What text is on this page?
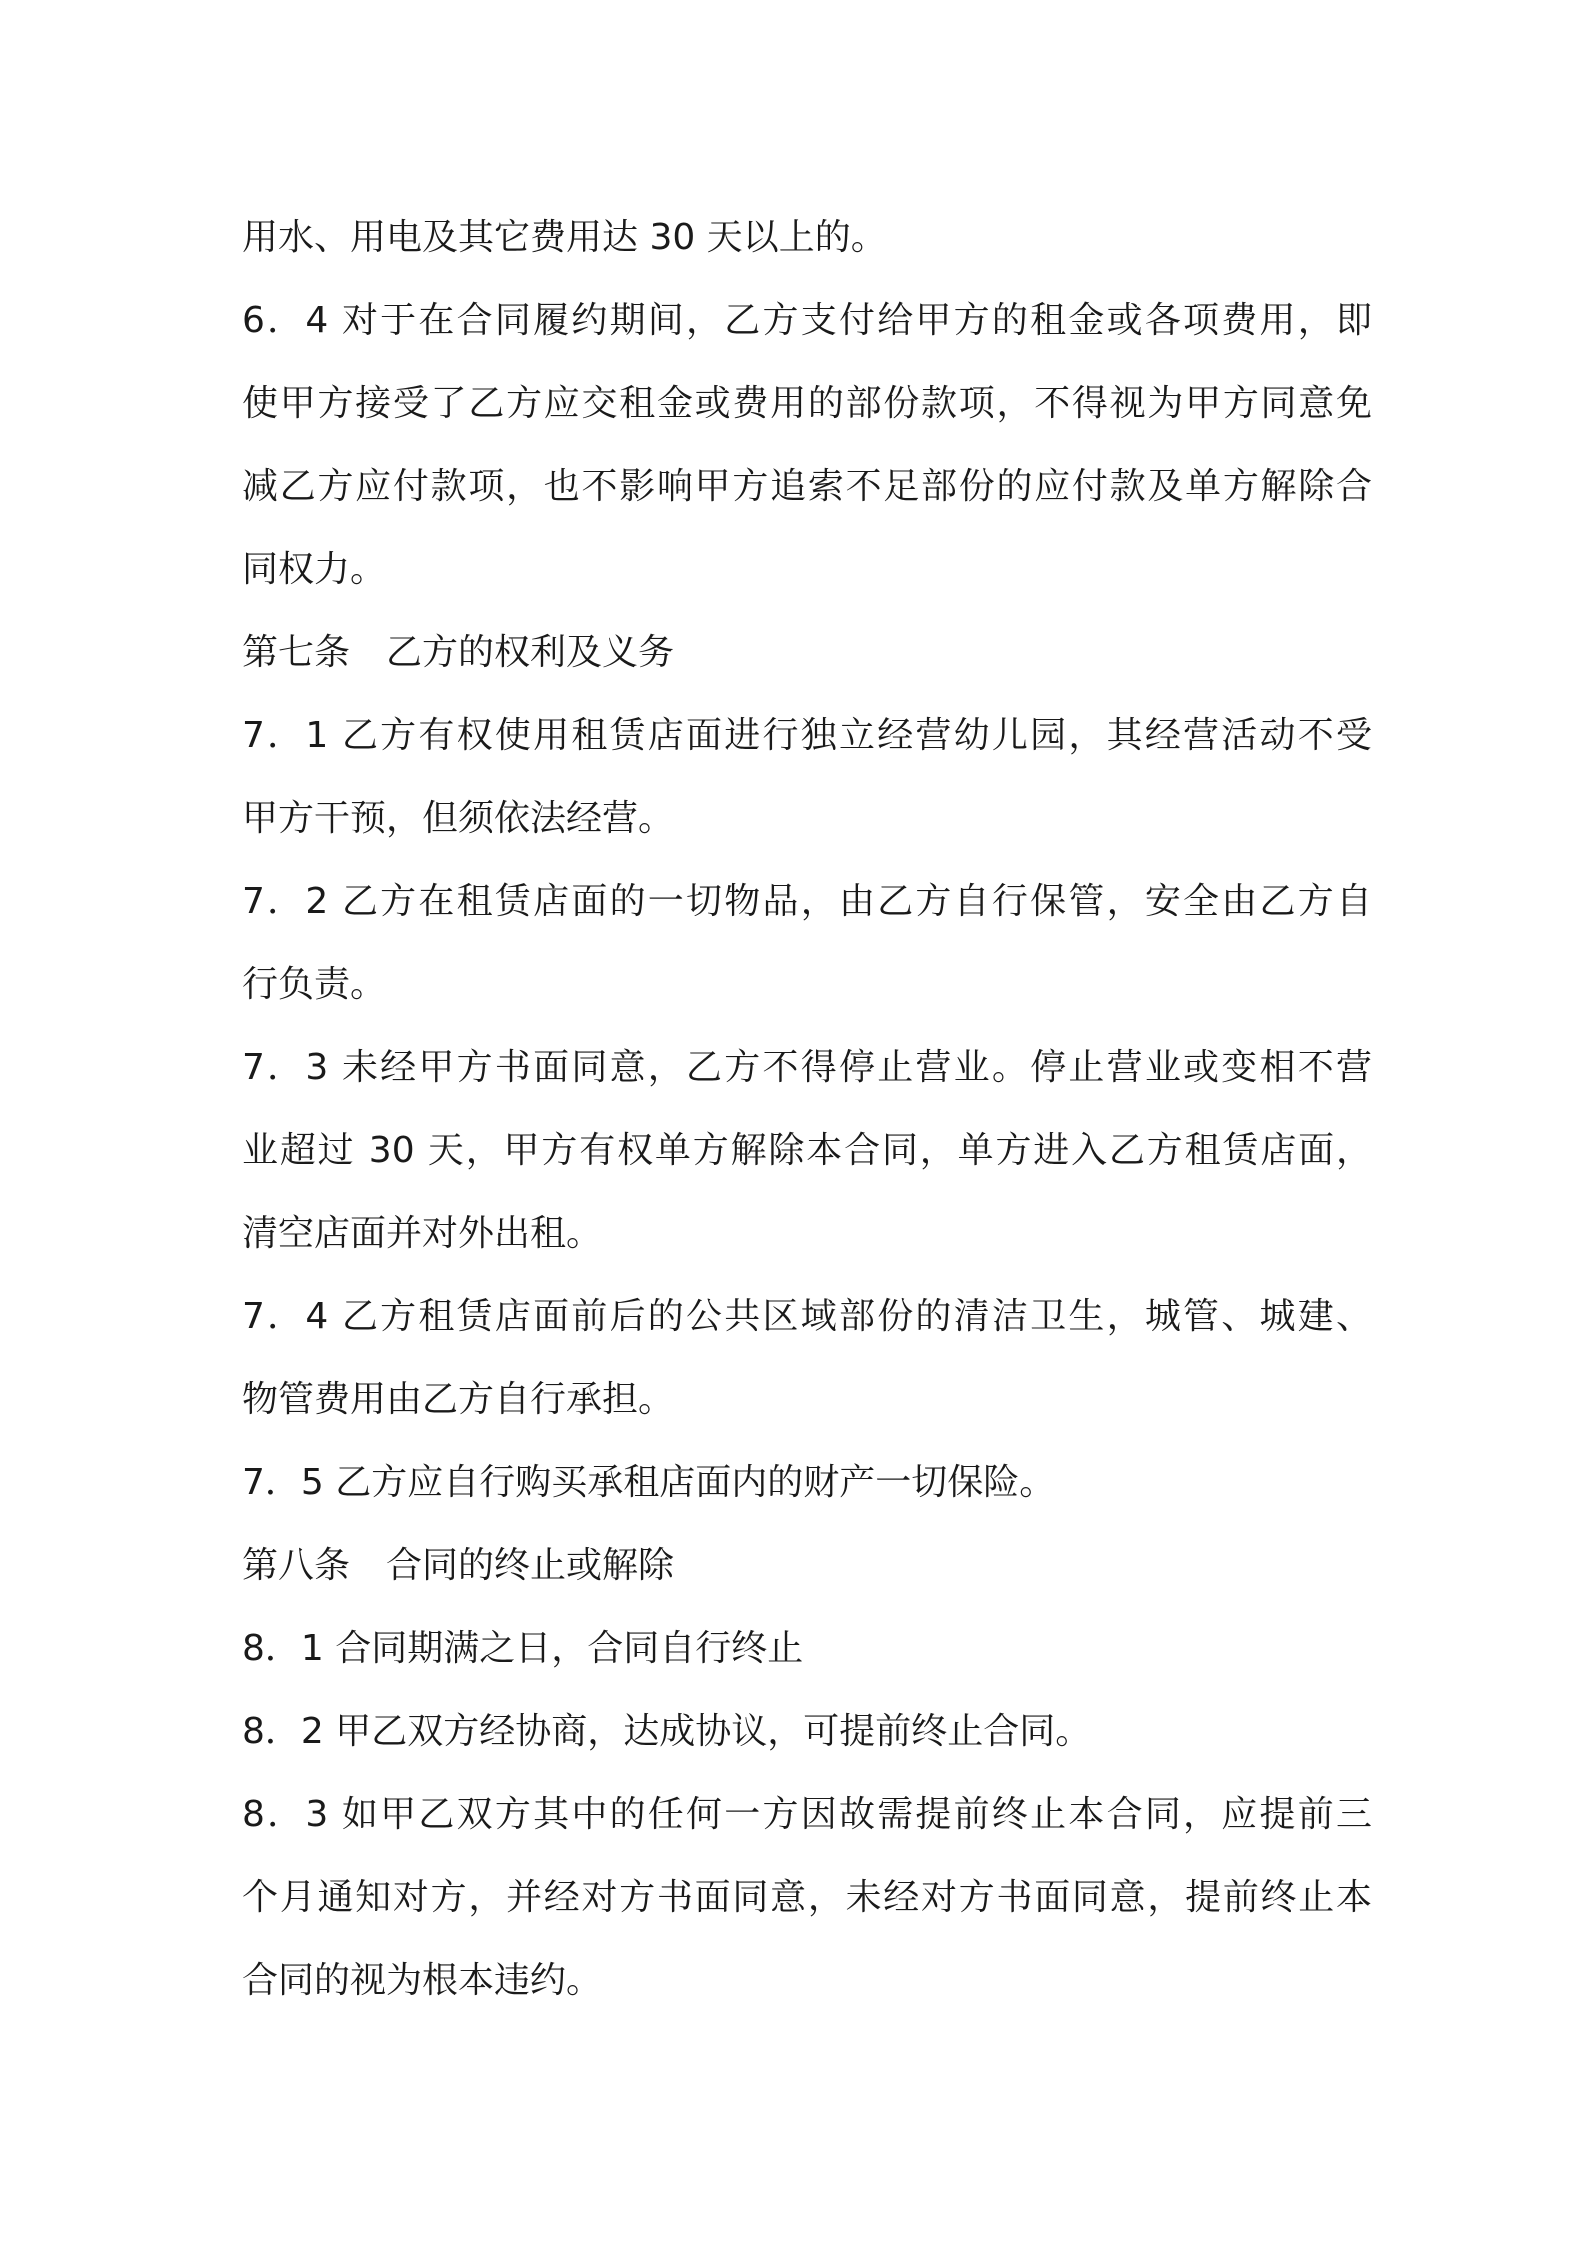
用水、用电及其它费用达 30 天以上的。
6．4 对于在合同履约期间，乙方支付给甲方的租金或各项费用，即
使甲方接受了乙方应交租金或费用的部份款项，不得视为甲方同意免
减乙方应付款项，也不影响甲方追索不足部份的应付款及单方解除合
同权力。
第七条　乙方的权利及义务
7．1 乙方有权使用租赁店面进行独立经营幼儿园，其经营活动不受
甲方干预，但须依法经营。
7．2 乙方在租赁店面的一切物品，由乙方自行保管，安全由乙方自
行负责。
7．3 未经甲方书面同意，乙方不得停止营业。停止营业或变相不营
业超过 30 天，甲方有权单方解除本合同，单方进入乙方租赁店面，
清空店面并对外出租。
7．4 乙方租赁店面前后的公共区域部份的清洁卫生，城管、城建、
物管费用由乙方自行承担。
7．5 乙方应自行购买承租店面内的财产一切保险。
第八条　合同的终止或解除
8．1 合同期满之日，合同自行终止
8．2 甲乙双方经协商，达成协议，可提前终止合同。
8．3 如甲乙双方其中的任何一方因故需提前终止本合同，应提前三
个月通知对方，并经对方书面同意，未经对方书面同意，提前终止本
合同的视为根本违约。
